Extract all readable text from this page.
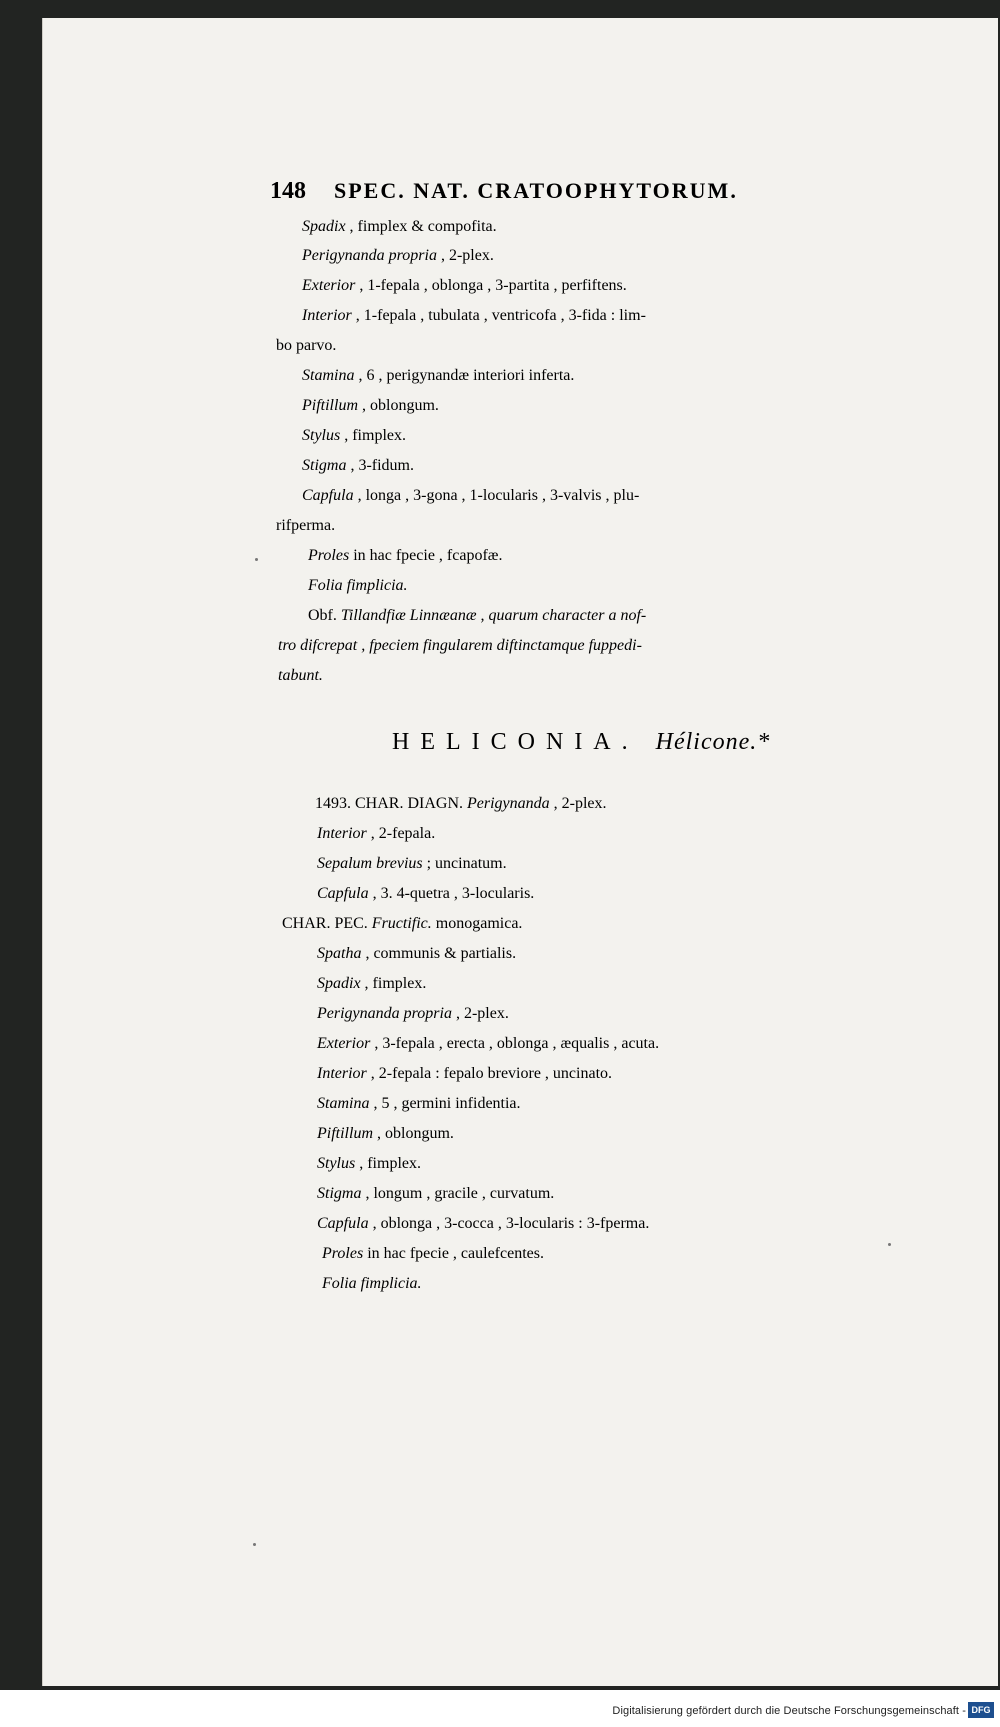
148 SPEC. NAT. CRATOOPHYTORUM.
Spadix , fimplex & compofita.
Perigynanda propria , 2-plex.
Exterior , 1-fepala , oblonga , 3-partita , perfiftens.
Interior , 1-fepala , tubulata , ventricofa , 3-fida : lim-
bo parvo.
Stamina , 6 , perigynandæ interiori inferta.
Piftillum , oblongum.
Stylus , fimplex.
Stigma , 3-fidum.
Capfula , longa , 3-gona , 1-locularis , 3-valvis , plu-
rifperma.
Proles in hac fpecie , fcapofæ.
Folia fimplicia.
Obf. Tillandfiæ Linnæanæ , quarum character a nof-
tro difcrepat , fpeciem fingularem diftinctamque fuppedi-
tabunt.
HELICONIA. Hélicone.*
1493. CHAR. DIAGN. Perigynanda , 2-plex.
Interior , 2-fepala.
Sepalum brevius ; uncinatum.
Capfula , 3. 4-quetra , 3-locularis.
CHAR. PEC. Fructific. monogamica.
Spatha , communis & partialis.
Spadix , fimplex.
Perigynanda propria , 2-plex.
Exterior , 3-fepala , erecta , oblonga , æqualis , acuta.
Interior , 2-fepala : fepalo breviore , uncinato.
Stamina , 5 , germini infidentia.
Piftillum , oblongum.
Stylus , fimplex.
Stigma , longum , gracile , curvatum.
Capfula , oblonga , 3-cocca , 3-locularis : 3-fperma.
Proles in hac fpecie , caulefcentes.
Folia fimplicia.
Digitalisierung gefördert durch die Deutsche Forschungsgemeinschaft - DFG
